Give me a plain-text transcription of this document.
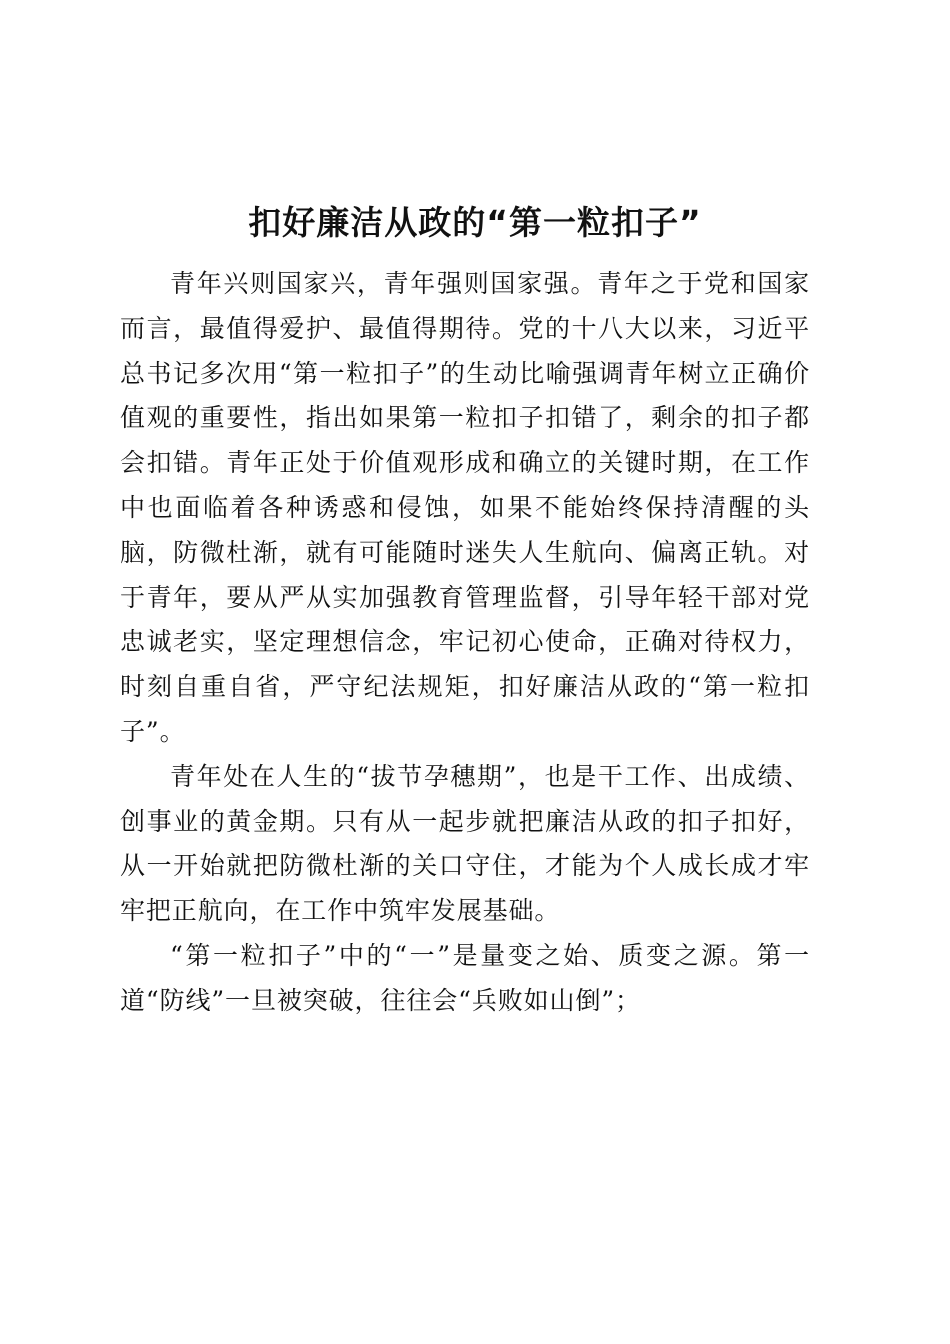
扣好廉洁从政的“第一粒扣子”

青年兴则国家兴，青年强则国家强。青年之于党和国家而言，最值得爱护、最值得期待。党的十八大以来，习近平总书记多次用“第一粒扣子”的生动比喻强调青年树立正确价值观的重要性，指出如果第一粒扣子扣错了，剩余的扣子都会扣错。青年正处于价值观形成和确立的关键时期，在工作中也面临着各种诱惑和侵蚀，如果不能始终保持清醒的头脑，防微杜渐，就有可能随时迷失人生航向、偏离正轨。对于青年，要从严从实加强教育管理监督，引导年轻干部对党忠诚老实，坚定理想信念，牢记初心使命，正确对待权力，时刻自重自省，严守纪法规矩，扣好廉洁从政的“第一粒扣子”。

青年处在人生的“拔节孕穗期”，也是干工作、出成绩、创事业的黄金期。只有从一起步就把廉洁从政的扣子扣好，从一开始就把防微杜渐的关口守住，才能为个人成长成才牢牢把正航向，在工作中筑牢发展基础。

“第一粒扣子”中的“一”是量变之始、质变之源。第一道“防线”一旦被突破，往往会“兵败如山倒”；
